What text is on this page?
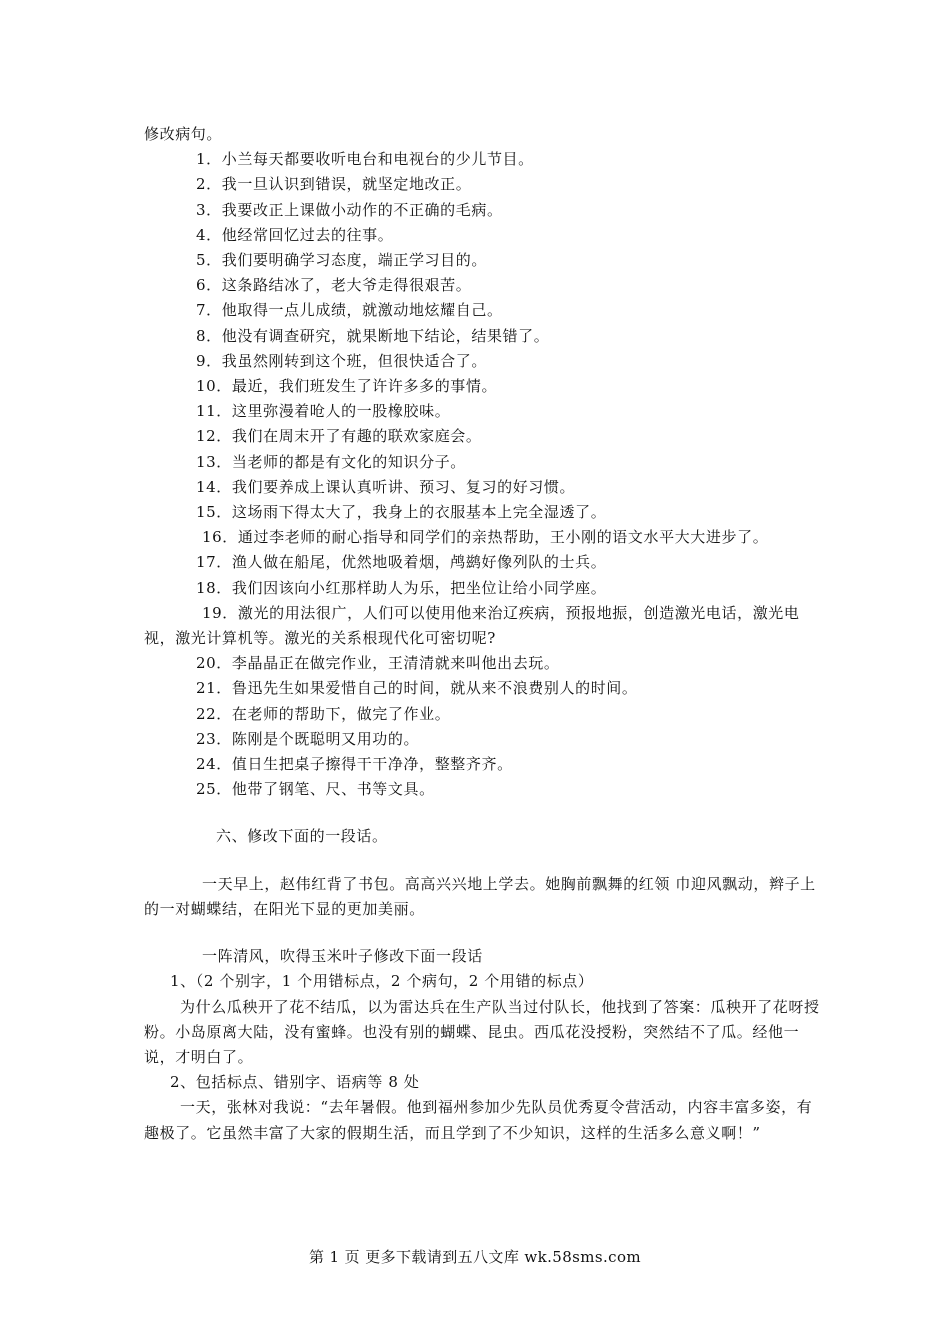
修改病句。
1．小兰每天都要收听电台和电视台的少儿节目。
2．我一旦认识到错误，就坚定地改正。
3．我要改正上课做小动作的不正确的毛病。
4．他经常回忆过去的往事。
5．我们要明确学习态度，端正学习目的。
6．这条路结冰了，老大爷走得很艰苦。
7．他取得一点儿成绩，就激动地炫耀自己。
8．他没有调查研究，就果断地下结论，结果错了。
9．我虽然刚转到这个班，但很快适合了。
10．最近，我们班发生了许许多多的事情。
11．这里弥漫着呛人的一股橡胶味。
12．我们在周末开了有趣的联欢家庭会。
13．当老师的都是有文化的知识分子。
14．我们要养成上课认真听讲、预习、复习的好习惯。
15．这场雨下得太大了，我身上的衣服基本上完全湿透了。
16．通过李老师的耐心指导和同学们的亲热帮助，王小刚的语文水平大大进步了。
17．渔人做在船尾，优然地吸着烟，鸬鹚好像列队的士兵。
18．我们因该向小红那样助人为乐，把坐位让给小同学座。
19．激光的用法很广，人们可以使用他来治辽疾病，预报地振，创造激光电话，激光电视，激光计算机等。激光的关系根现代化可密切呢?
20．李晶晶正在做完作业，王清清就来叫他出去玩。
21．鲁迅先生如果爱惜自己的时间，就从来不浪费别人的时间。
22．在老师的帮助下，做完了作业。
23．陈刚是个既聪明又用功的。
24．值日生把桌子擦得干干净净，整整齐齐。
25．他带了钢笔、尺、书等文具。
六、修改下面的一段话。
一天早上，赵伟红背了书包。高高兴兴地上学去。她胸前飘舞的红领 巾迎风飘动，辫子上的一对蝴蝶结，在阳光下显的更加美丽。
一阵清风，吹得玉米叶子修改下面一段话
1、（2 个别字，1 个用错标点，2 个病句，2 个用错的标点）
为什么瓜秧开了花不结瓜，以为雷达兵在生产队当过付队长，他找到了答案：瓜秧开了花呀授粉。小岛原离大陆，没有蜜蜂。也没有别的蝴蝶、昆虫。西瓜花没授粉，突然结不了瓜。经他一说，才明白了。
2、包括标点、错别字、语病等 8 处
一天，张林对我说：“去年暑假。他到福州参加少先队员优秀夏令营活动，内容丰富多姿，有趣极了。它虽然丰富了大家的假期生活，而且学到了不少知识，这样的生活多么意义啊！”
第 1 页 更多下载请到五八文库 wk.58sms.com
